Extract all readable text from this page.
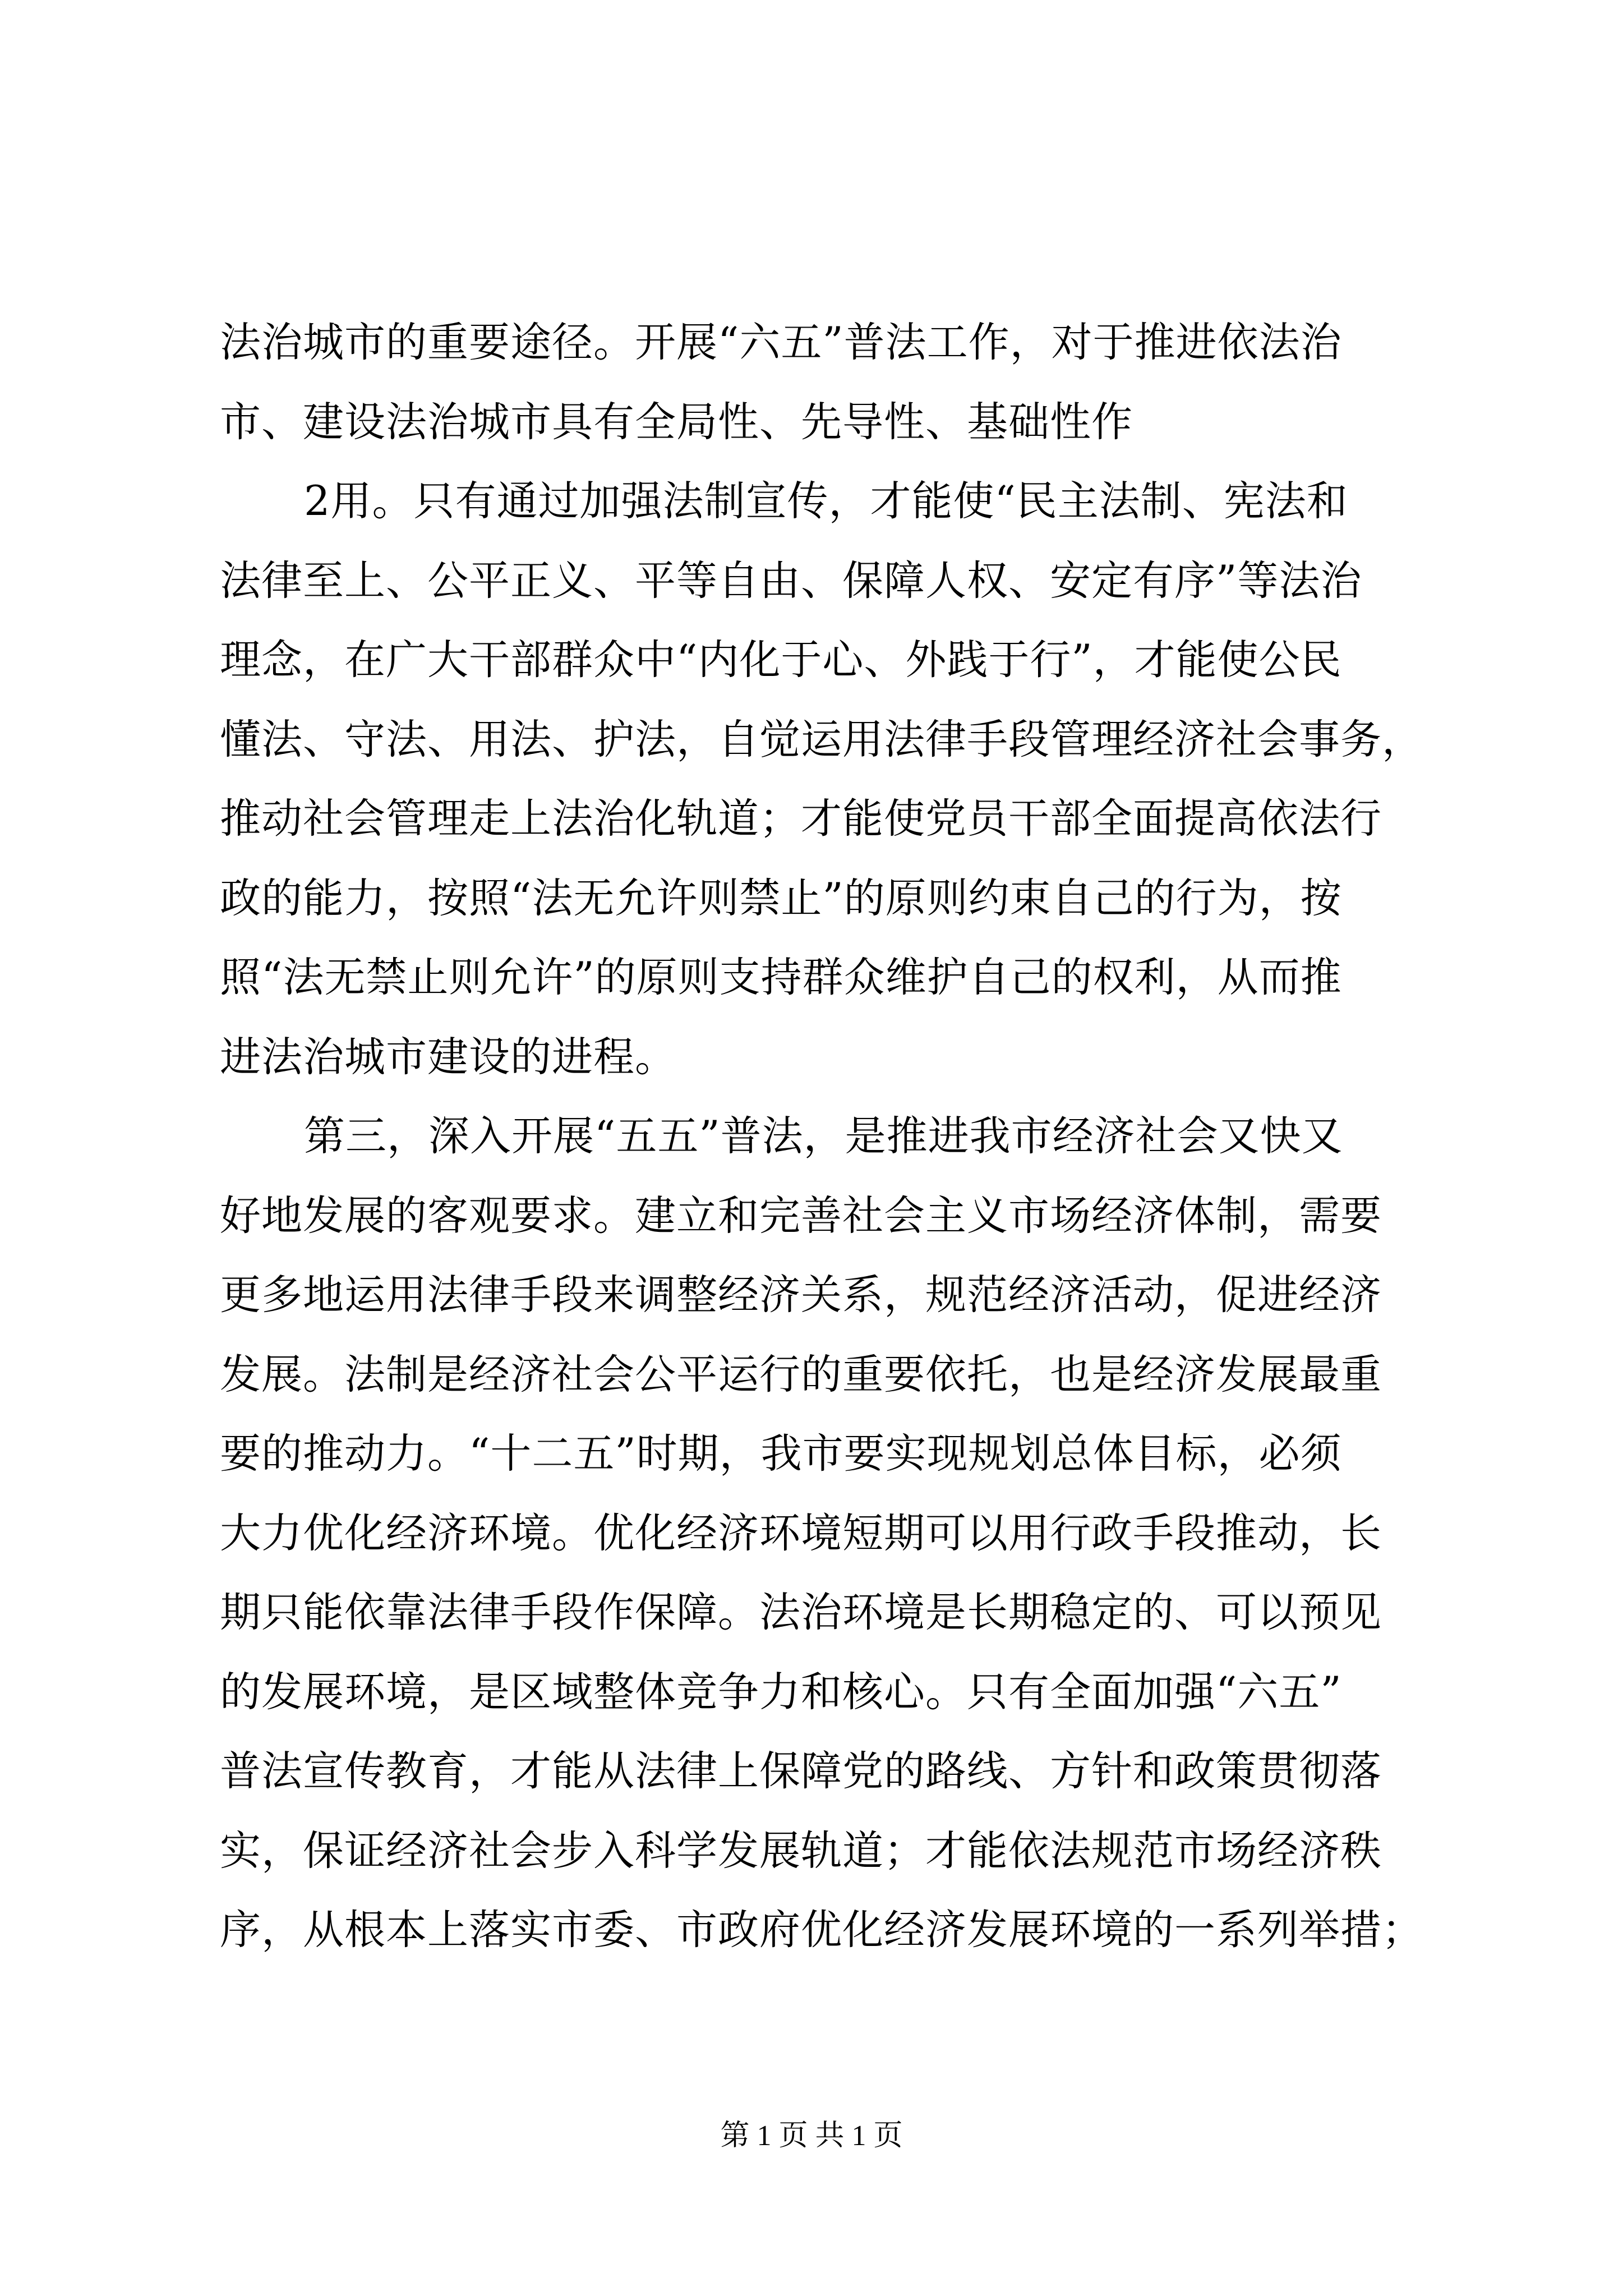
法治城市的重要途径。开展“六五”普法工作，对于推进依法治
市、建设法治城市具有全局性、先导性、基础性作
2用。只有通过加强法制宣传，才能使“民主法制、宪法和
法律至上、公平正义、平等自由、保障人权、安定有序”等法治
理念，在广大干部群众中“内化于心、外践于行”，才能使公民
懂法、守法、用法、护法，自觉运用法律手段管理经济社会事务，
推动社会管理走上法治化轨道；才能使党员干部全面提高依法行
政的能力，按照“法无允许则禁止”的原则约束自己的行为，按
照“法无禁止则允许”的原则支持群众维护自己的权利，从而推
进法治城市建设的进程。
第三，深入开展“五五”普法，是推进我市经济社会又快又
好地发展的客观要求。建立和完善社会主义市场经济体制，需要
更多地运用法律手段来调整经济关系，规范经济活动，促进经济
发展。法制是经济社会公平运行的重要依托，也是经济发展最重
要的推动力。“十二五”时期，我市要实现规划总体目标，必须
大力优化经济环境。优化经济环境短期可以用行政手段推动，长
期只能依靠法律手段作保障。法治环境是长期稳定的、可以预见
的发展环境，是区域整体竞争力和核心。只有全面加强“六五”
普法宣传教育，才能从法律上保障党的路线、方针和政策贯彻落
实，保证经济社会步入科学发展轨道；才能依法规范市场经济秩
序，从根本上落实市委、市政府优化经济发展环境的一系列举措；
第 1 页 共 1 页
